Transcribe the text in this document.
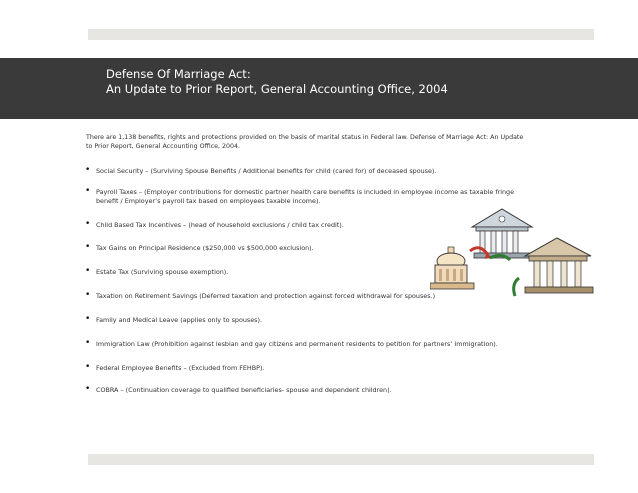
Defense Of Marriage Act:
An Update to Prior Report, General Accounting Office, 2004
There are 1,138 benefits, rights and protections provided on the basis of marital status in Federal law. Defense of Marriage Act: An Update to Prior Report, General Accounting Office, 2004.
• Social Security – (Surviving Spouse Benefits / Additional benefits for child (cared for) of deceased spouse).
• Payroll Taxes – (Employer contributions for domestic partner health care benefits is included in employee income as taxable fringe benefit / Employer’s payroll tax based on employees taxable income).
• Child Based Tax Incentives – (head of household exclusions / child tax credit).
• Tax Gains on Principal Residence ($250,000 vs $500,000 exclusion).
• Estate Tax (Surviving spouse exemption).
• Taxation on Retirement Savings (Deferred taxation and protection against forced withdrawal for spouses.)
• Family and Medical Leave (applies only to spouses).
• Immigration Law (Prohibition against lesbian and gay citizens and permanent residents to petition for partners’ immigration).
• Federal Employee Benefits – (Excluded from FEHBP).
• COBRA – (Continuation coverage to qualified beneficiaries- spouse and dependent children).
